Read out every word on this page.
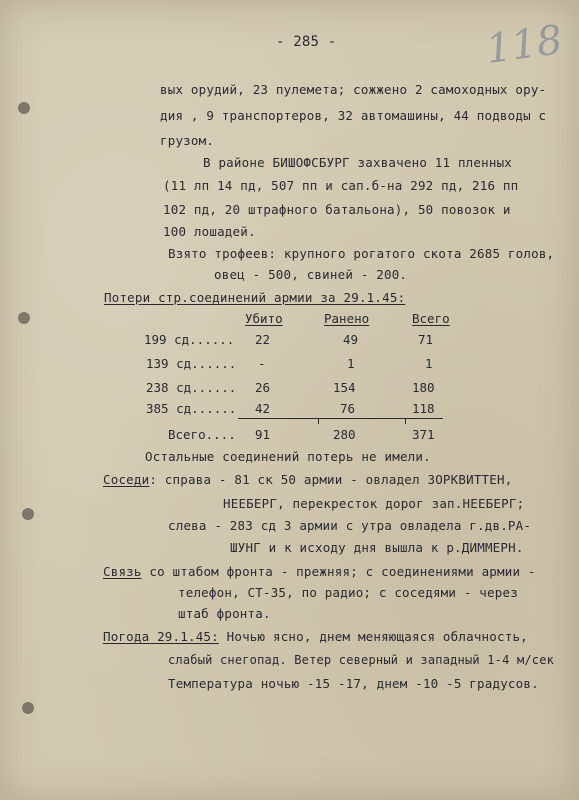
- 285 -	118
вых орудий, 23 пулемета; сожжено 2 самоходных ору-
дия , 9 транспортеров, 32 автомашины, 44 подводы с
грузом.
В районе БИШОФСБУРГ захвачено 11 пленных
(11 лп 14 пд, 507 пп и сап.б-на 292 пд, 216 пп
102 пд, 20 штрафного батальона), 50 повозок и
100 лошадей.
Взято трофеев: крупного рогатого скота 2685 голов,
овец - 500, свиней - 200.
Потери стр.соединений армии за 29.1.45:
Убито	Ранено	Всего
199 сд...... 22	49	71
139 сд...... -	1	1
238 сд...... 26	154	180
385 сд...... 42	76	118
Всего.... 91	280	371
Остальные соединений потерь не имели.
Соседи: справа - 81 ск 50 армии - овладел ЗОРКВИТТЕН,
НЕЕБЕРГ, перекресток дорог зап.НЕЕБЕРГ;
слева - 283 сд 3 армии с утра овладела г.дв.РА-
ШУНГ и к исходу дня вышла к р.ДИММЕРН.
Связь со штабом фронта - прежняя; с соединениями армии -
телефон, СТ-35, по радио; с соседями - через
штаб фронта.
Погода 29.1.45: Ночью ясно, днем меняющаяся облачность,
слабый снегопад. Ветер северный и западный 1-4 м/сек
Температура ночью -15 -17, днем -10 -5 градусов.
